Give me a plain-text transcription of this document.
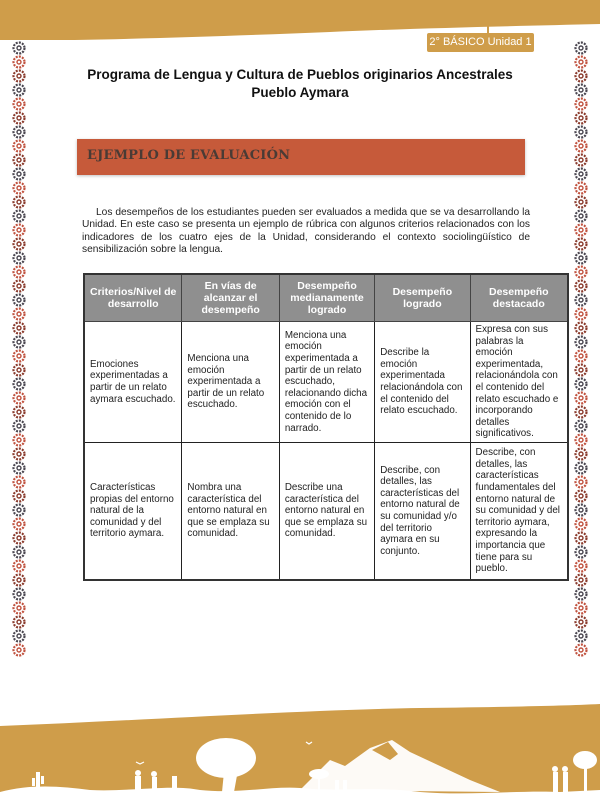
2° BÁSICO Unidad 1
Programa de Lengua y Cultura de Pueblos originarios Ancestrales
Pueblo Aymara
EJEMPLO DE EVALUACIÓN

Los desempeños de los estudiantes pueden ser evaluados a medida que se va desarrollando la Unidad. En este caso se presenta un ejemplo de rúbrica con algunos criterios relacionados con los indicadores de los cuatro ejes de la Unidad, considerando el contexto sociolingüístico de sensibilización sobre la lengua.

Criterios/Nivel de desarrollo	En vías de alcanzar el desempeño	Desempeño medianamente logrado	Desempeño logrado	Desempeño destacado
Emociones experimentadas a partir de un relato aymara escuchado.	Menciona una emoción experimentada a partir de un relato escuchado.	Menciona una emoción experimentada a partir de un relato escuchado, relacionando dicha emoción con el contenido de lo narrado.	Describe la emoción experimentada relacionándola con el contenido del relato escuchado.	Expresa con sus palabras la emoción experimentada, relacionándola con el contenido del relato escuchado e incorporando detalles significativos.
Características propias del entorno natural de la comunidad y del territorio aymara.	Nombra una característica del entorno natural en que se emplaza su comunidad.	Describe una característica del entorno natural en que se emplaza su comunidad.	Describe, con detalles, las características del entorno natural de su comunidad y/o del territorio aymara en su conjunto.	Describe, con detalles, las características fundamentales del entorno natural de su comunidad y del territorio aymara, expresando la importancia que tiene para su pueblo.
